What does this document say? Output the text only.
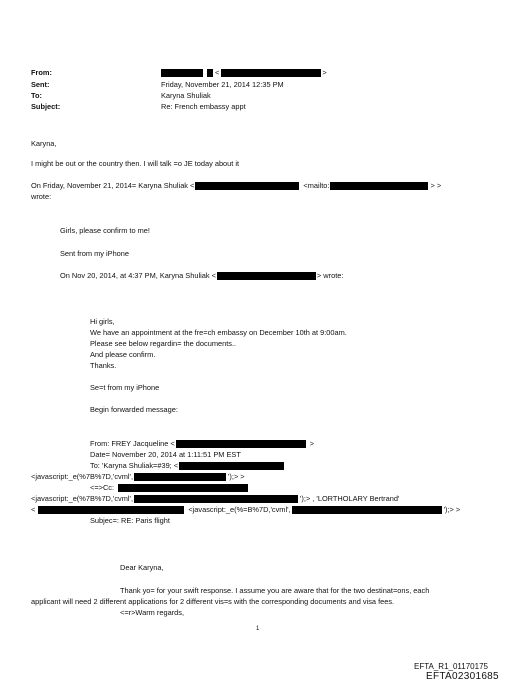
From:	<	>
Sent:	Friday, November 21, 2014 12:35 PM
To:	Karyna Shuliak
Subject:	Re: French embassy appt
Karyna,
I might be out or the country then. I will talk =o JE today about it
On Friday, November 21, 2014= Karyna Shuliak <	<mailto:	> >
wrote:
Girls, please confirm to me!
Sent from my iPhone
On Nov 20, 2014, at 4:37 PM, Karyna Shuliak <	> wrote:
Hi girls,
We have an appointment at the fre=ch embassy on December 10th at 9:00am.
Please see below regardin= the documents..
And please confirm.
Thanks.
Se=t from my iPhone
Begin forwarded message:
From: FREY Jacqueline <	>
Date= November 20, 2014 at 1:11:51 PM EST
To: 'Karyna Shuliak=#39; <
<javascript:_e(%7B%7D,'cvml',	');> >
<=>Cc:
<javascript:_e(%7B%7D,'cvml',	');> , 'LORTHOLARY Bertrand'
<	<javascript:_e(%=B%7D,'cvml',	');> >
Subjec=: RE: Paris flight
Dear Karyna,
Thank yo= for your swift response. I assume you are aware that for the two destinat=ons, each
applicant will need 2 different applications for 2 different vis=s with the corresponding documents and visa fees.
<=r>Warm regards,
1
EFTA_R1_01170175
EFTA02301685
